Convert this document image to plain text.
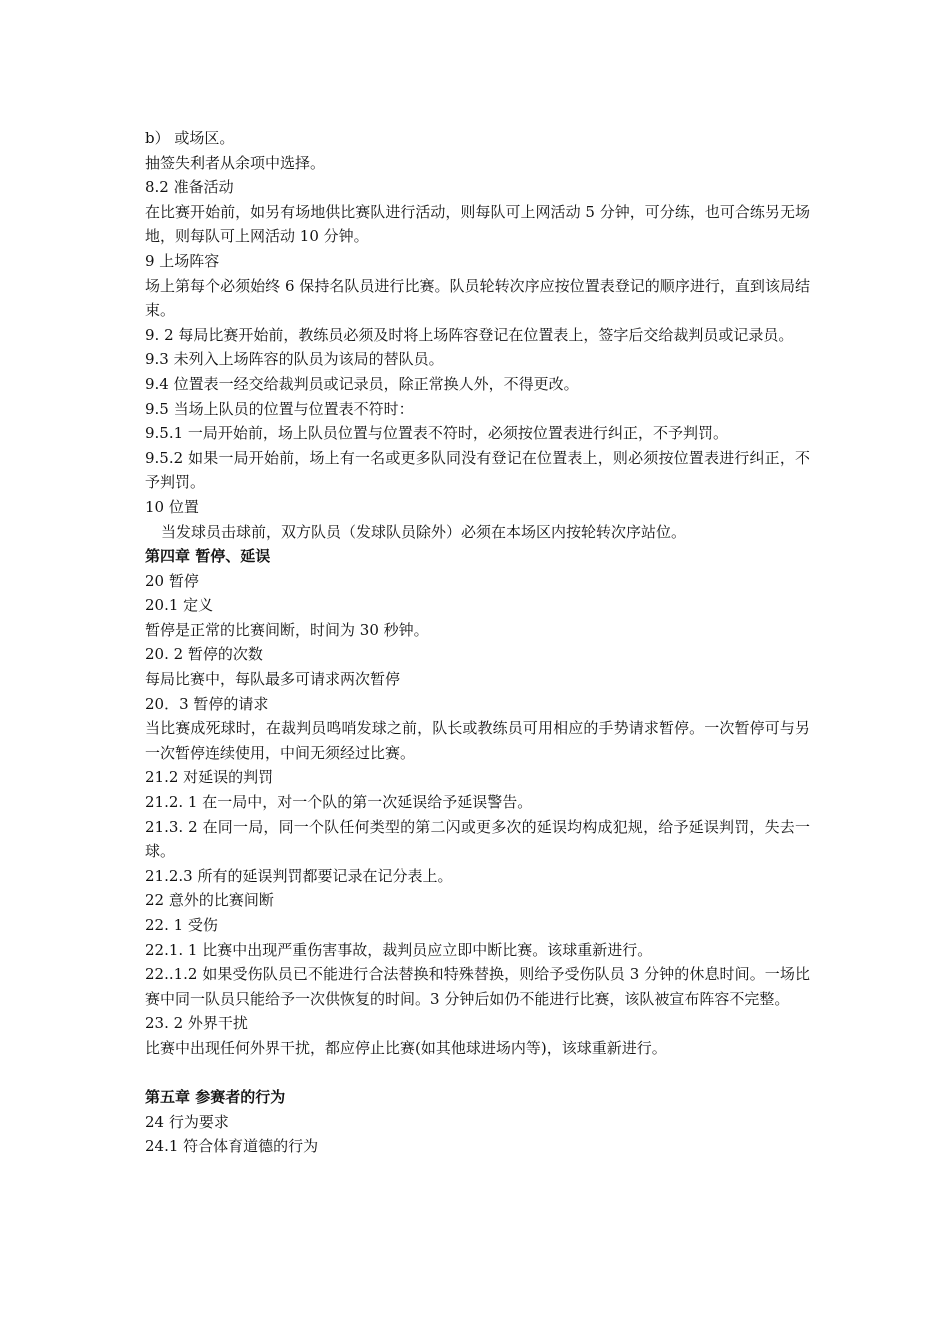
b） 或场区。
抽签失利者从余项中选择。
8.2 准备活动
在比赛开始前，如另有场地供比赛队进行活动，则每队可上网活动 5 分钟，可分练，也可合练另无场地，则每队可上网活动 10 分钟。
9 上场阵容
场上第每个必须始终 6 保持名队员进行比赛。队员轮转次序应按位置表登记的顺序进行，直到该局结束。
9. 2 每局比赛开始前，教练员必须及时将上场阵容登记在位置表上，签字后交给裁判员或记录员。
9.3 未列入上场阵容的队员为该局的替队员。
9.4 位置表一经交给裁判员或记录员，除正常换人外，不得更改。
9.5 当场上队员的位置与位置表不符时：
9.5.1 一局开始前，场上队员位置与位置表不符时，必须按位置表进行纠正，不予判罚。
9.5.2 如果一局开始前，场上有一名或更多队同没有登记在位置表上，则必须按位置表进行纠正，不予判罚。
10 位置
当发球员击球前，双方队员（发球队员除外）必须在本场区内按轮转次序站位。
第四章 暂停、延误
20 暂停
20.1 定义
暂停是正常的比赛间断，时间为 30 秒钟。
20. 2 暂停的次数
每局比赛中，每队最多可请求两次暂停
20．3 暂停的请求
当比赛成死球时，在裁判员鸣哨发球之前，队长或教练员可用相应的手势请求暂停。一次暂停可与另一次暂停连续使用，中间无须经过比赛。
21.2 对延误的判罚
21.2. 1 在一局中，对一个队的第一次延误给予延误警告。
21.3. 2 在同一局，同一个队任何类型的第二闪或更多次的延误均构成犯规，给予延误判罚，失去一球。
21.2.3 所有的延误判罚都要记录在记分表上。
22 意外的比赛间断
22. 1 受伤
22.1. 1 比赛中出现严重伤害事故，裁判员应立即中断比赛。该球重新进行。
22..1.2 如果受伤队员已不能进行合法替换和特殊替换，则给予受伤队员 3 分钟的休息时间。一场比赛中同一队员只能给予一次供恢复的时间。3 分钟后如仍不能进行比赛，该队被宣布阵容不完整。
23. 2 外界干扰
比赛中出现任何外界干扰，都应停止比赛(如其他球进场内等)，该球重新进行。
第五章 参赛者的行为
24 行为要求
24.1 符合体育道德的行为
